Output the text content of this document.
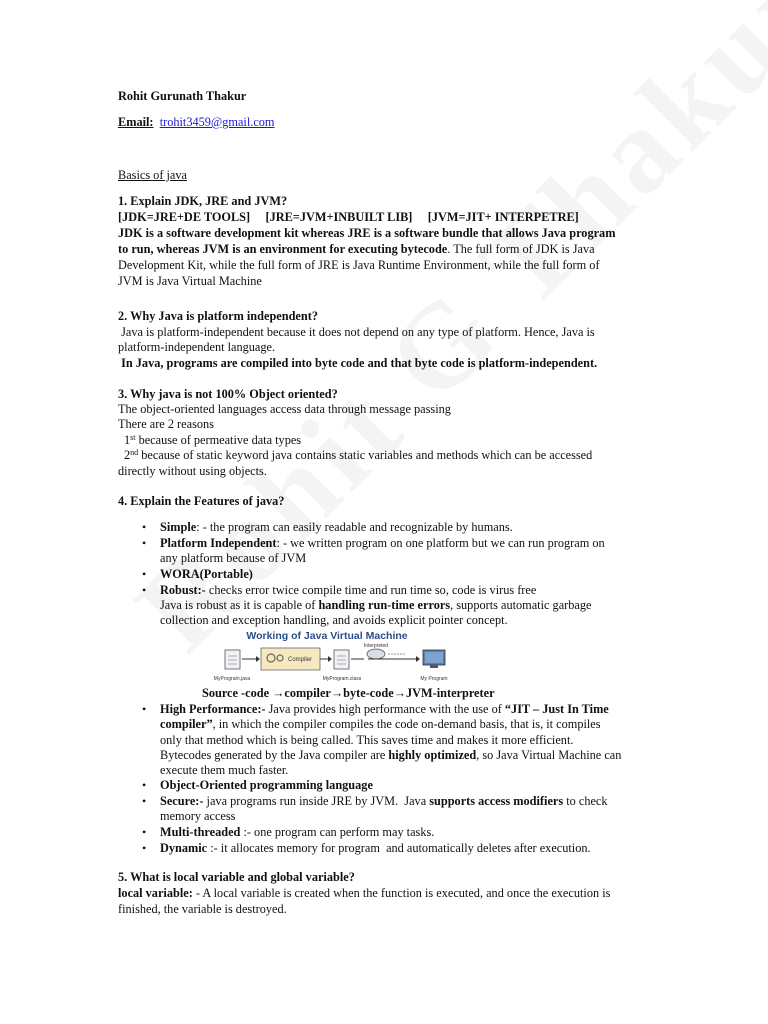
Rohit Gurunath Thakur
Email: trohit3459@gmail.com
Basics of java
1. Explain JDK, JRE and JVM?
[JDK=JRE+DE TOOLS]     [JRE=JVM+INBUILT LIB]     [JVM=JIT+ INTERPETRE]
JDK is a software development kit whereas JRE is a software bundle that allows Java program
to run, whereas JVM is an environment for executing bytecode. The full form of JDK is Java
Development Kit, while the full form of JRE is Java Runtime Environment, while the full form of
JVM is Java Virtual Machine
2. Why Java is platform independent?
Java is platform-independent because it does not depend on any type of platform. Hence, Java is
platform-independent language.
In Java, programs are compiled into byte code and that byte code is platform-independent.
3. Why java is not 100% Object oriented?
The object-oriented languages access data through message passing
There are 2 reasons
1st because of permeative data types
2nd because of static keyword java contains static variables and methods which can be accessed
directly without using objects.
4. Explain the Features of java?
• Simple: - the program can easily readable and recognizable by humans.
• Platform Independent: - we written program on one platform but we can run program on
any platform because of JVM
• WORA(Portable)
• Robust:- checks error twice compile time and run time so, code is virus free
Java is robust as it is capable of handling run-time errors, supports automatic garbage
collection and exception handling, and avoids explicit pointer concept.
Working of Java Virtual Machine
MyProgram.java
Compiler
MyProgram.class
Interpreted
My Program
Source -code →compiler→byte-code→JVM-interpreter
• High Performance:- Java provides high performance with the use of “JIT – Just In Time
compiler”, in which the compiler compiles the code on-demand basis, that is, it compiles
only that method which is being called. This saves time and makes it more efficient.
Bytecodes generated by the Java compiler are highly optimized, so Java Virtual Machine can
execute them much faster.
• Object-Oriented programming language
• Secure:- java programs run inside JRE by JVM.  Java supports access modifiers to check
memory access
• Multi-threaded :- one program can perform may tasks.
• Dynamic :- it allocates memory for program  and automatically deletes after execution.
5. What is local variable and global variable?
local variable: - A local variable is created when the function is executed, and once the execution is
finished, the variable is destroyed.
